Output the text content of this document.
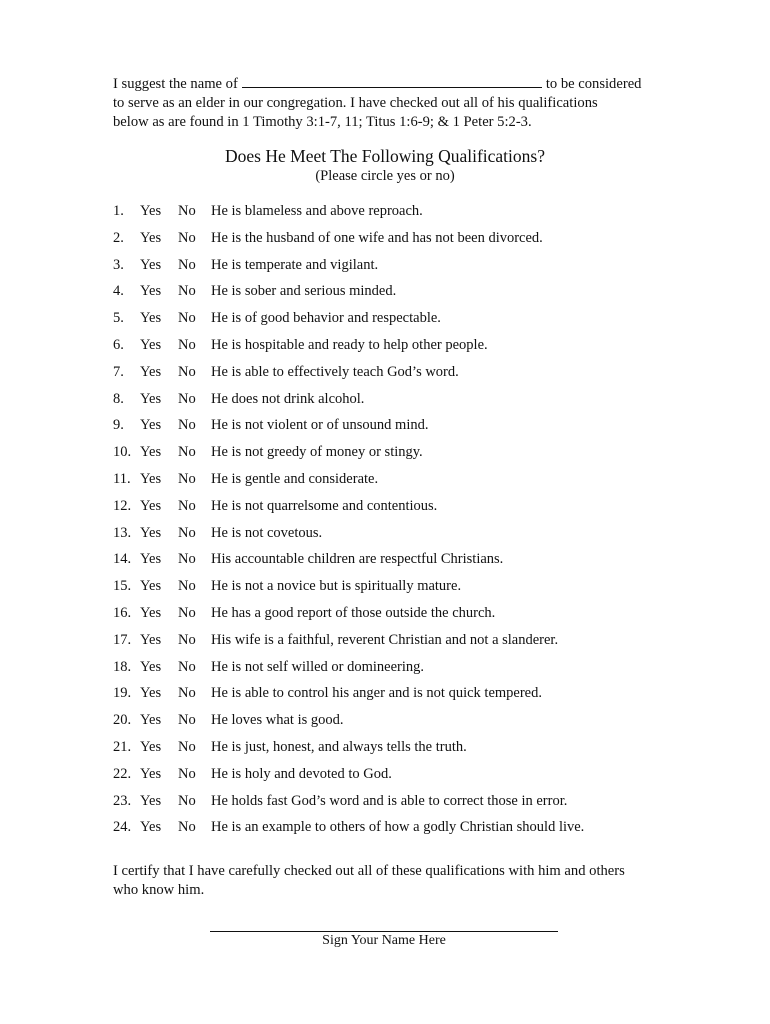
I suggest the name of	to be considered
to serve as an elder in our congregation. I have checked out all of his qualifications
below as are found in 1 Timothy 3:1-7, 11; Titus 1:6-9; & 1 Peter 5:2-3.
Does He Meet The Following Qualifications?
(Please circle yes or no)
1. Yes No He is blameless and above reproach.
2. Yes No He is the husband of one wife and has not been divorced.
3. Yes No He is temperate and vigilant.
4. Yes No He is sober and serious minded.
5. Yes No He is of good behavior and respectable.
6. Yes No He is hospitable and ready to help other people.
7. Yes No He is able to effectively teach God’s word.
8. Yes No He does not drink alcohol.
9. Yes No He is not violent or of unsound mind.
10. Yes No He is not greedy of money or stingy.
11. Yes No He is gentle and considerate.
12. Yes No He is not quarrelsome and contentious.
13. Yes No He is not covetous.
14. Yes No His accountable children are respectful Christians.
15. Yes No He is not a novice but is spiritually mature.
16. Yes No He has a good report of those outside the church.
17. Yes No His wife is a faithful, reverent Christian and not a slanderer.
18. Yes No He is not self willed or domineering.
19. Yes No He is able to control his anger and is not quick tempered.
20. Yes No He loves what is good.
21. Yes No He is just, honest, and always tells the truth.
22. Yes No He is holy and devoted to God.
23. Yes No He holds fast God’s word and is able to correct those in error.
24. Yes No He is an example to others of how a godly Christian should live.
I certify that I have carefully checked out all of these qualifications with him and others
who know him.
Sign Your Name Here
